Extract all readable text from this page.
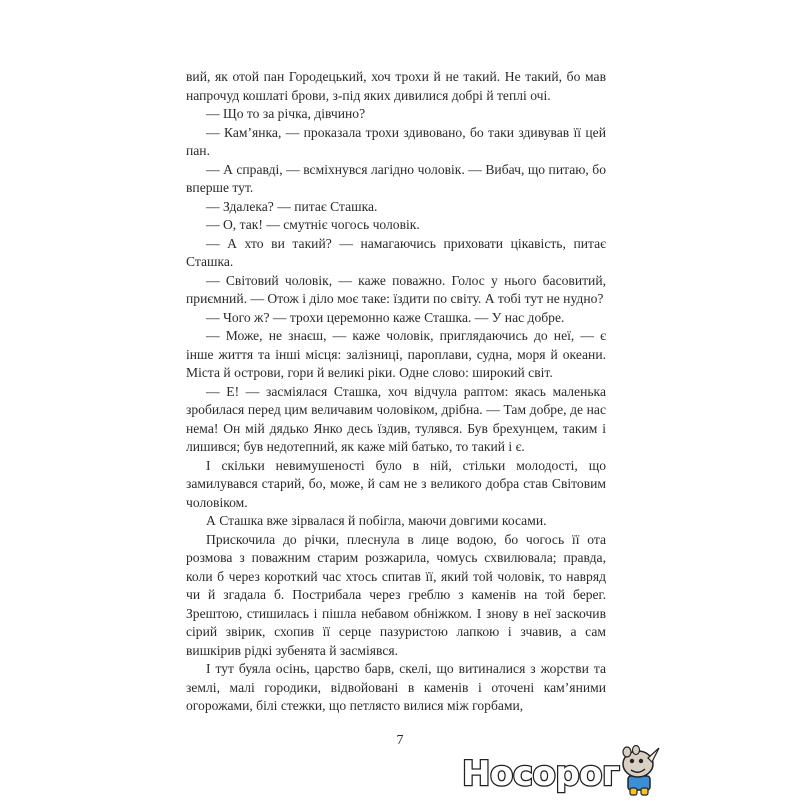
вий, як отой пан Городецький, хоч трохи й не такий. Не такий, бо мав напрочуд кошлаті брови, з-під яких дивилися добрі й теплі очі.

— Що то за річка, дівчино?

— Кам’янка, — проказала трохи здивовано, бо таки здивував її цей пан.

— А справді, — всміхнувся лагідно чоловік. — Вибач, що питаю, бо вперше тут.

— Здалека? — питає Сташка.

— О, так! — смутніє чогось чоловік.

— А хто ви такий? — намагаючись приховати цікавість, питає Сташка.

— Світовий чоловік, — каже поважно. Голос у нього басовитий, приємний. — Отож і діло моє таке: їздити по світу. А тобі тут не нудно?

— Чого ж? — трохи церемонно каже Сташка. — У нас добре.

— Може, не знаєш, — каже чоловік, приглядаючись до неї, — є інше життя та інші місця: залізниці, пароплави, судна, моря й океани. Міста й острови, гори й великі ріки. Одне слово: широкий світ.

— Е! — засміялася Сташка, хоч відчула раптом: якась маленька зробилася перед цим величавим чоловіком, дрібна. — Там добре, де нас нема! Он мій дядько Янко десь їздив, тулявся. Був брехунцем, таким і лишився; був недотепний, як каже мій батько, то такий і є.

І скільки невимушеності було в ній, стільки молодості, що замилувався старий, бо, може, й сам не з великого добра став Світовим чоловіком.

А Сташка вже зірвалася й побігла, маючи довгими косами.

Прискочила до річки, плеснула в лице водою, бо чогось її ота розмова з поважним старим розжарила, чомусь схвилювала; правда, коли б через короткий час хтось спитав її, який той чоловік, то навряд чи й згадала б. Пострибала через греблю з каменів на той берег. Зрештою, стишилась і пішла небавом обніжком. І знову в неї заскочив сірий звірик, схопив її серце пазуристою лапкою і зчавив, а сам вишкірив рідкі зубенята й засміявся.

І тут буяла осінь, царство барв, скелі, що витиналися з жорстви та землі, малі городики, відвойовані в каменів і оточені кам’яними огорожами, білі стежки, що петлясто вилися між горбами,

7
Носорог
